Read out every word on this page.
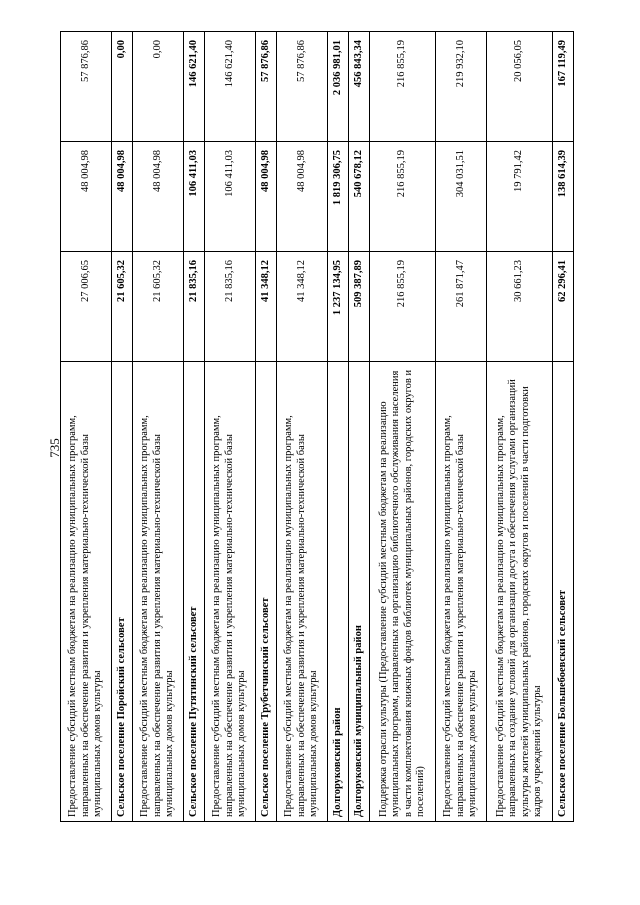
735 Предоставление субсидий местным бюджетам на реализацию муниципальных программ, направленных на обеспечение развития и укрепления материально-технической базы муниципальных домов культуры	27 006,65	48 004,98	57 876,86
Сельское поселение Поройский сельсовет	21 605,32	48 004,98	0,00
Предоставление субсидий местным бюджетам на реализацию муниципальных программ, направленных на обеспечение развития и укрепления материально-технической базы муниципальных домов культуры	21 605,32	48 004,98	0,00
Сельское поселение Путятинский сельсовет	21 835,16	106 411,03	146 621,40
Предоставление субсидий местным бюджетам на реализацию муниципальных программ, направленных на обеспечение развития и укрепления материально-технической базы муниципальных домов культуры	21 835,16	106 411,03	146 621,40
Сельское поселение Трубетчинский сельсовет	41 348,12	48 004,98	57 876,86
Предоставление субсидий местным бюджетам на реализацию муниципальных программ, направленных на обеспечение развития и укрепления материально-технической базы муниципальных домов культуры	41 348,12	48 004,98	57 876,86
Долгоруковский район	1 237 134,95	1 819 306,75	2 036 981,01
Долгоруковский муниципальный район	509 387,89	540 678,12	456 843,34
Поддержка отрасли культуры (Предоставление субсидий местным бюджетам на реализацию муниципальных программ, направленных на организацию библиотечного обслуживания населения в части комплектования книжных фондов библиотек муниципальных районов, городских округов и поселений)	216 855,19	216 855,19	216 855,19
Предоставление субсидий местным бюджетам на реализацию муниципальных программ, направленных на обеспечение развития и укрепления материально-технической базы муниципальных домов культуры	261 871,47	304 031,51	219 932,10
Предоставление субсидий местным бюджетам на реализацию муниципальных программ, направленных на создание условий для организации досуга и обеспечения услугами организаций культуры жителей муниципальных районов, городских округов и поселений в части подготовки кадров учреждений культуры	30 661,23	19 791,42	20 056,05
Сельское поселение Большебоевский сельсовет	62 296,41	138 614,39	167 119,49
